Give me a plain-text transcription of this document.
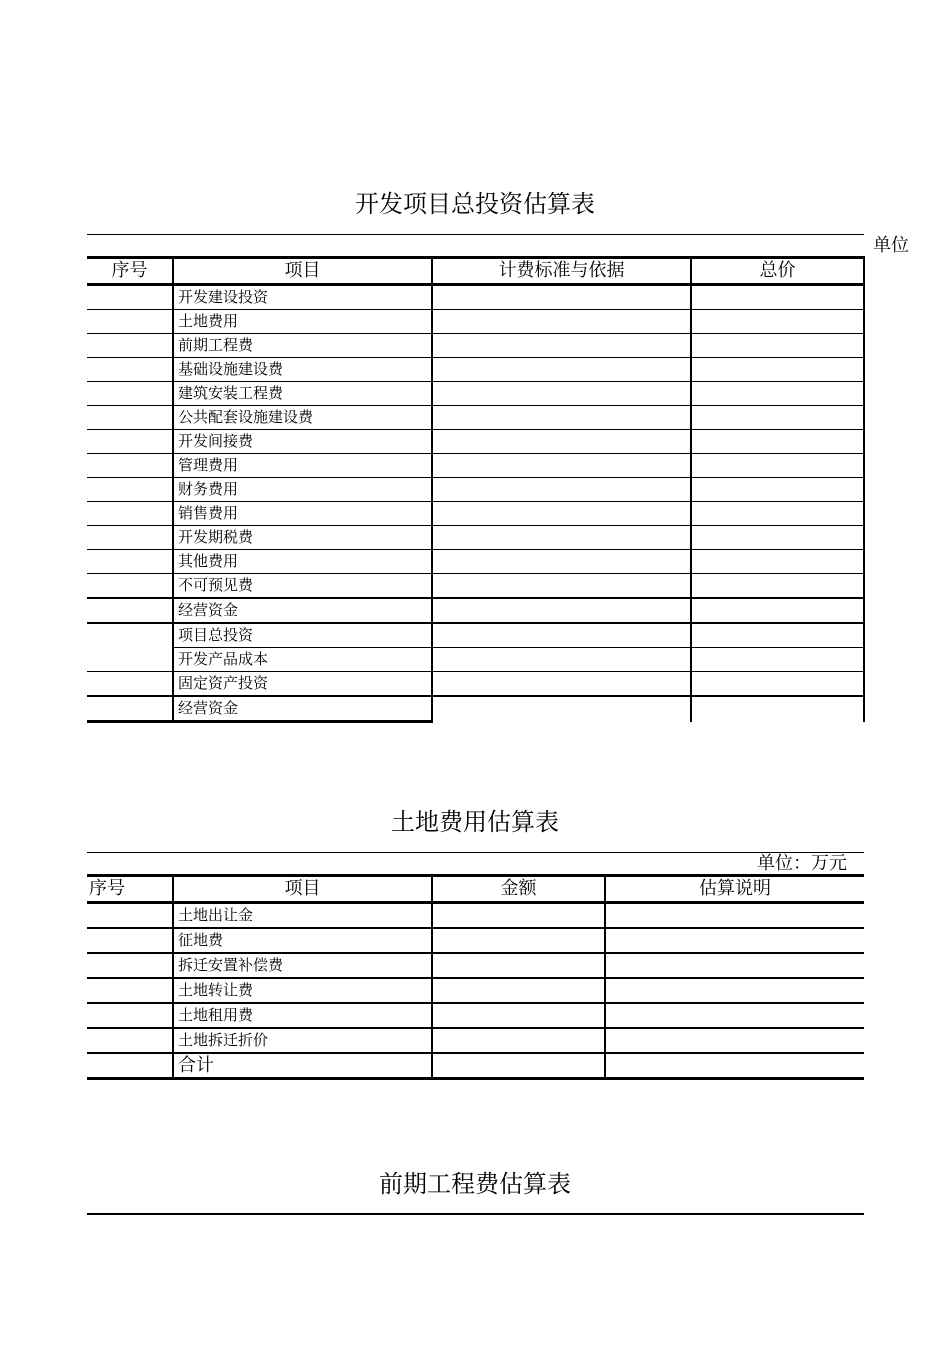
开发项目总投资估算表
单位
序号	项目	计费标准与依据	总价
	开发建设投资		
	土地费用		
	前期工程费		
	基础设施建设费		
	建筑安装工程费		
	公共配套设施建设费		
	开发间接费		
	管理费用		
	财务费用		
	销售费用		
	开发期税费		
	其他费用		
	不可预见费		
	经营资金		
	项目总投资		
	开发产品成本		
	固定资产投资		
	经营资金		
土地费用估算表
单位：万元
序号	项目	金额	估算说明
	土地出让金		
	征地费		
	拆迁安置补偿费		
	土地转让费		
	土地租用费		
	土地拆迁折价		
	合计		
前期工程费估算表
